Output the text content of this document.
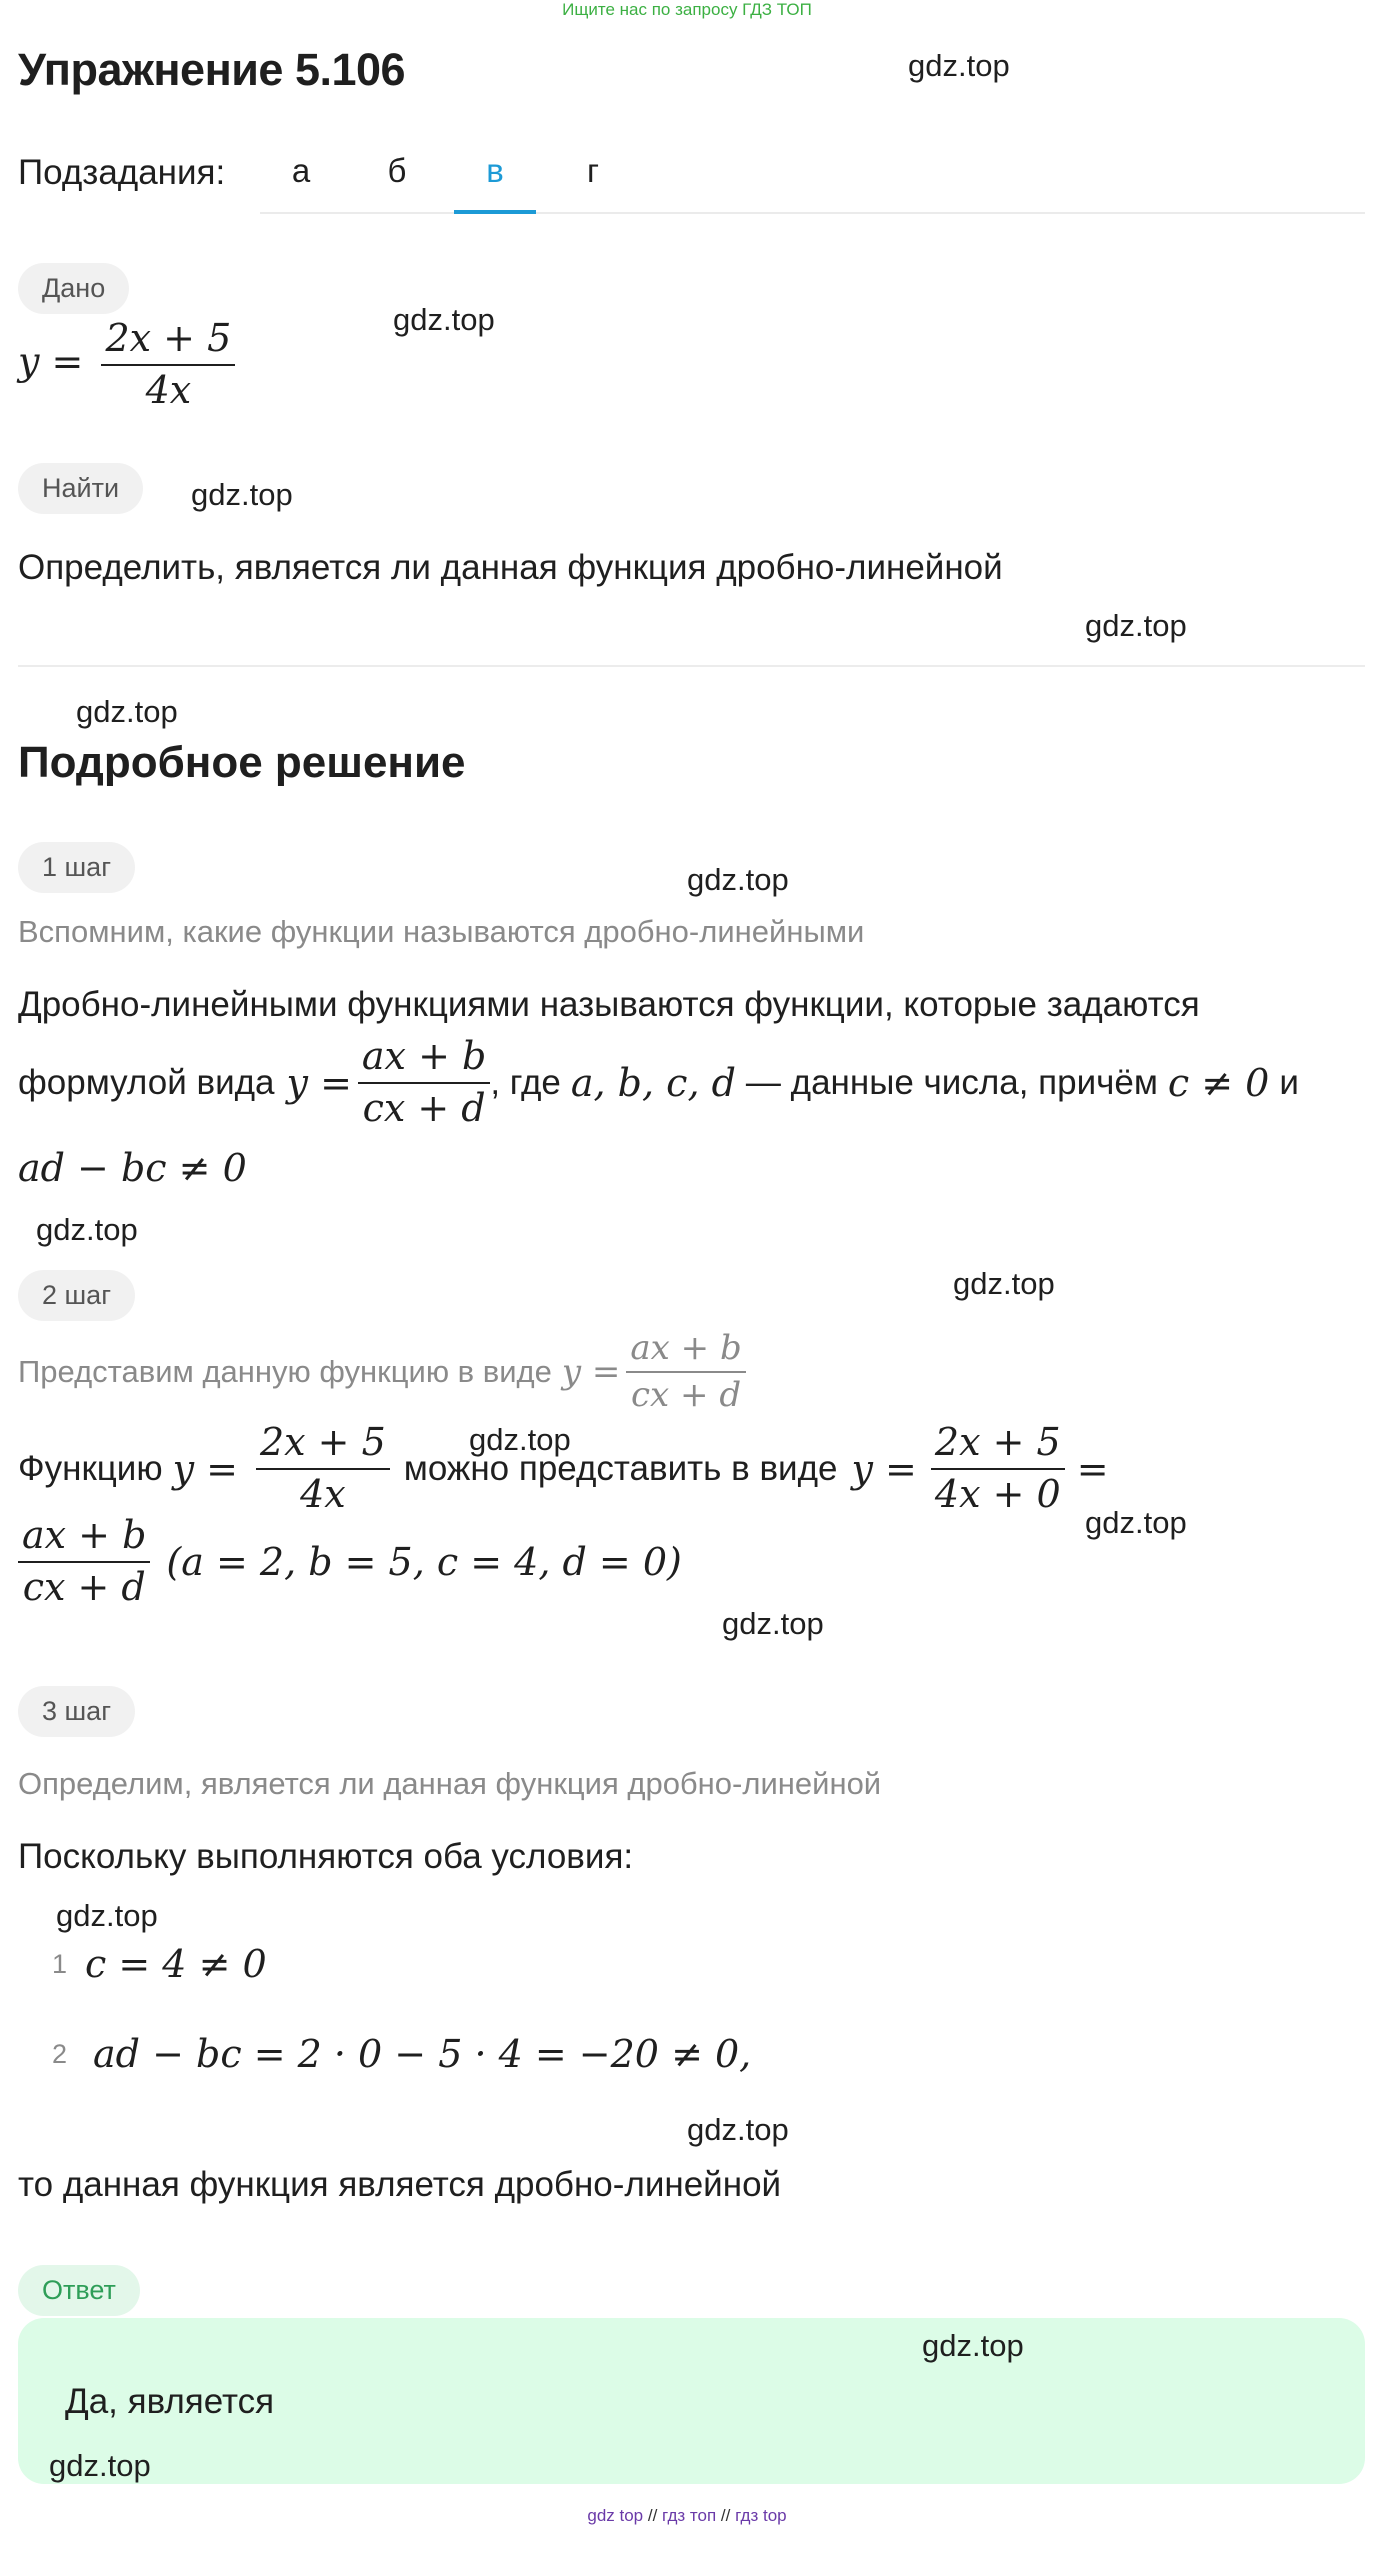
Ищите нас по запросу ГДЗ ТОП
Упражнение 5.106	gdz.top
Подзадания:	а	б	в	г
Дано
gdz.top
$y = \frac{2x + 5}{4x}$
Найти	gdz.top
Определить, является ли данная функция дробно-линейной
gdz.top
gdz.top
Подробное решение
1 шаг	gdz.top
Вспомним, какие функции называются дробно-линейными
Дробно-линейными функциями называются функции, которые задаются
формулой вида $y = \frac{ax + b}{cx + d}$ , где a, b, c, d — данные числа, причём c ≠ 0 и
ad − bc ≠ 0
gdz.top
2 шаг	gdz.top
Представим данную функцию в виде $y = \frac{ax + b}{cx + d}$
gdz.top
Функцию $y = \frac{2x + 5}{4x}$ можно представить в виде $y = \frac{2x + 5}{4x + 0}$ =
gdz.top
$\frac{ax + b}{cx + d} (a = 2$, b = 5, c = 4, d = 0)
gdz.top
3 шаг
Определим, является ли данная функция дробно-линейной
Поскольку выполняются оба условия:
gdz.top
1 c = 4 ≠ 0
2 ad − bc = 2 · 0 − 5 · 4 = −20 ≠ 0,
gdz.top
то данная функция является дробно-линейной
Ответ
gdz.top
Да, является
gdz.top
gdz top // гдз топ // гдз top
